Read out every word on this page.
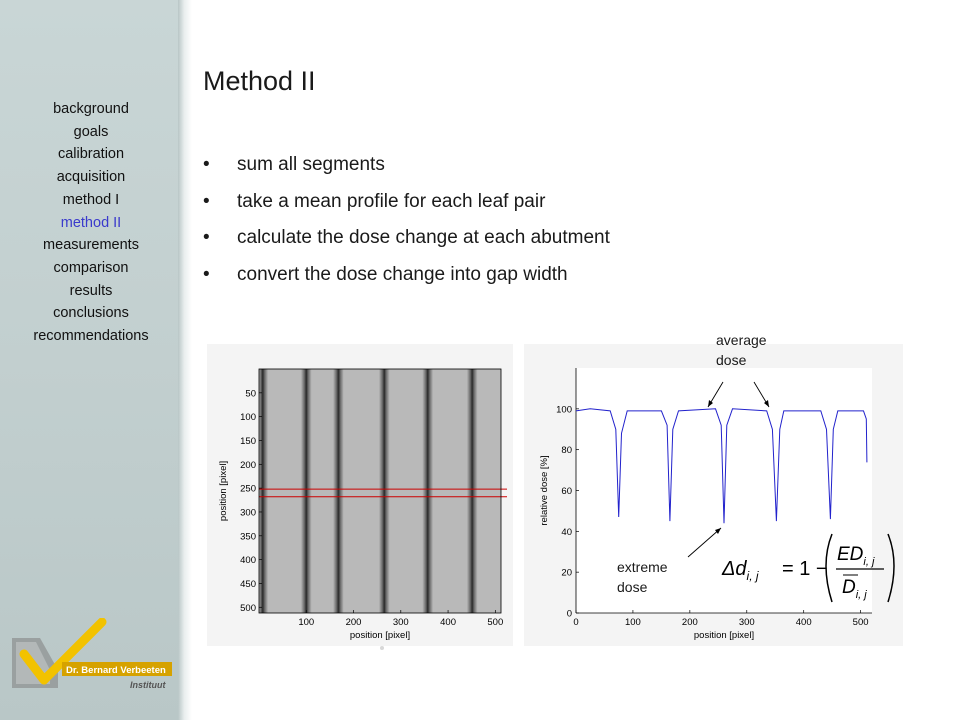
background
goals
calibration
acquisition
method I
method II
measurements
comparison
results
conclusions
recommendations
Method II
• sum all segments
• take a mean profile for each leaf pair
• calculate the dose change at each abutment
• convert the dose change into gap width
100	200	300	400	500
50
100
150
200
250
300
350
400
450
500
position [pixel]
position [pixel]
0	100	200	300	400	500
0
20
40
60
80
100
position [pixel]
relative dose [%]
$\Delta d_{i, j} = 1$ −
$ED_{i, j}$
$D_{i, j}$
average
dose
extreme
dose
Dr. Bernard Verbeeten
Instituut
